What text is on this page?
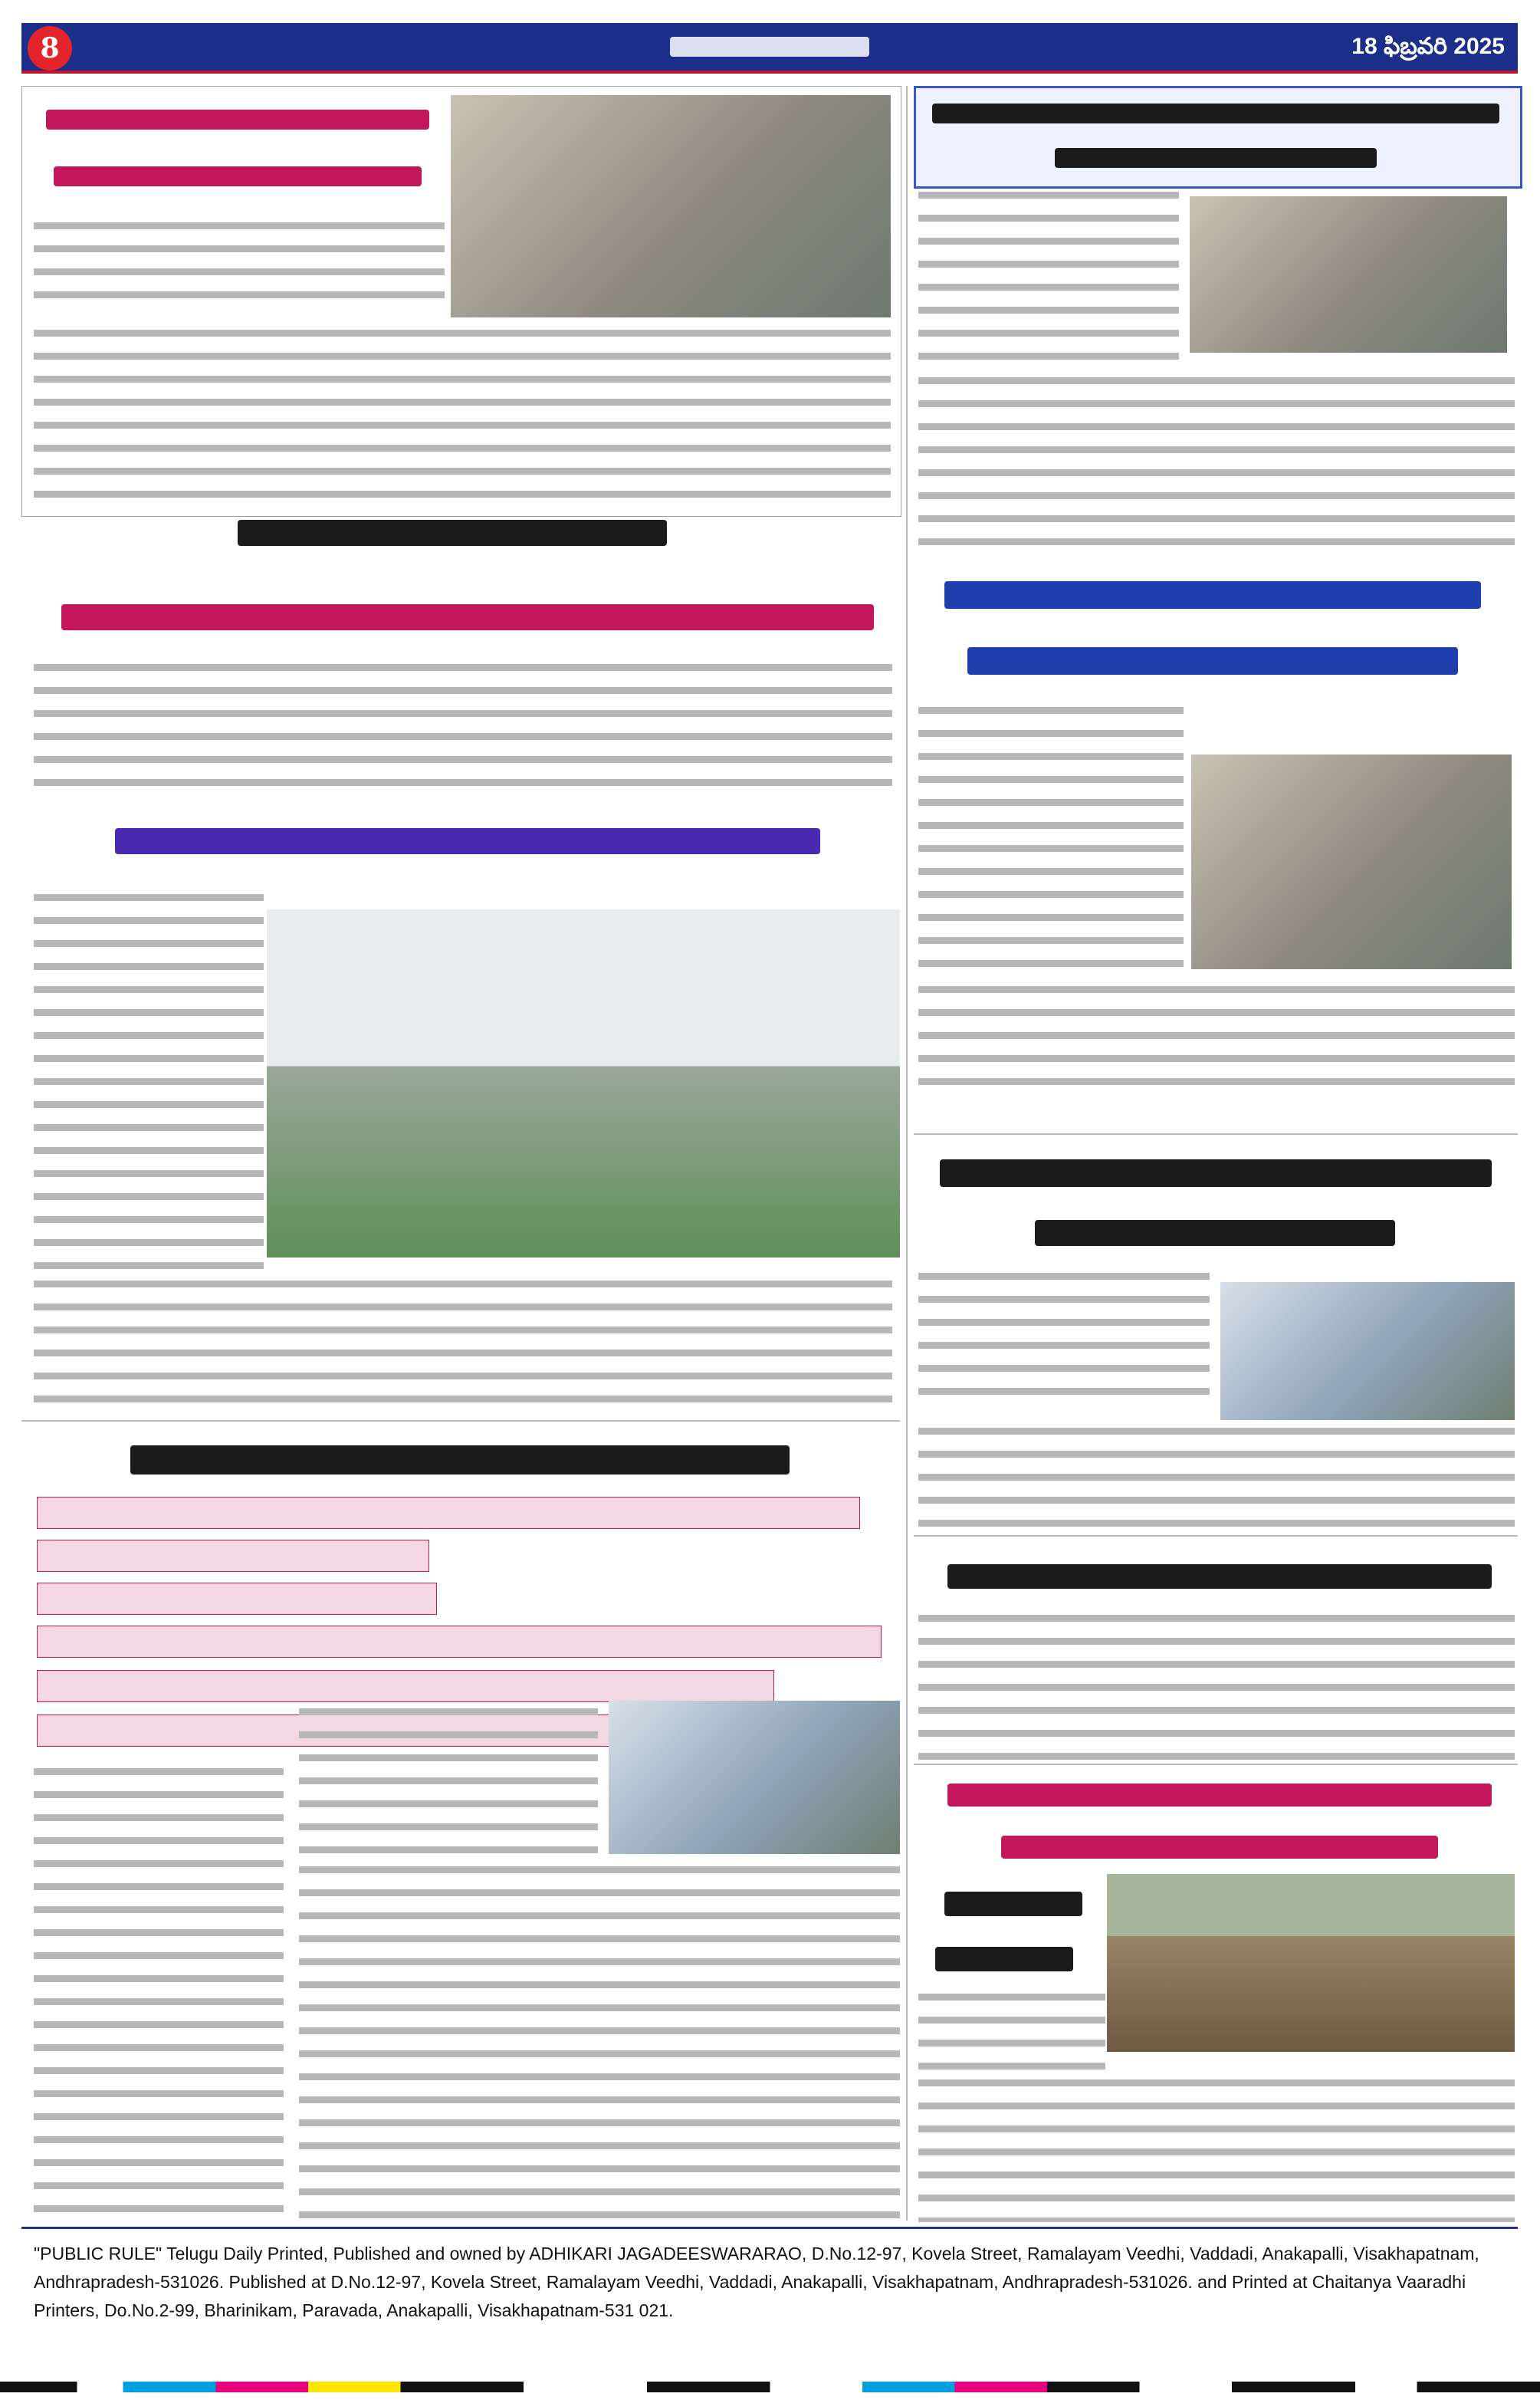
8	18 ఫిబ్రవరి 2025

"PUBLIC RULE" Telugu Daily Printed, Published and owned by ADHIKARI JAGADEESWARARAO, D.No.12-97, Kovela Street, Ramalayam Veedhi, Vaddadi, Anakapalli, Visakhapatnam, Andhrapradesh-531026. Published at D.No.12-97, Kovela Street, Ramalayam Veedhi, Vaddadi, Anakapalli, Visakhapatnam, Andhrapradesh-531026. and Printed at Chaitanya Vaaradhi Printers, Do.No.2-99, Bharinikam, Paravada, Anakapalli, Visakhapatnam-531 021.
